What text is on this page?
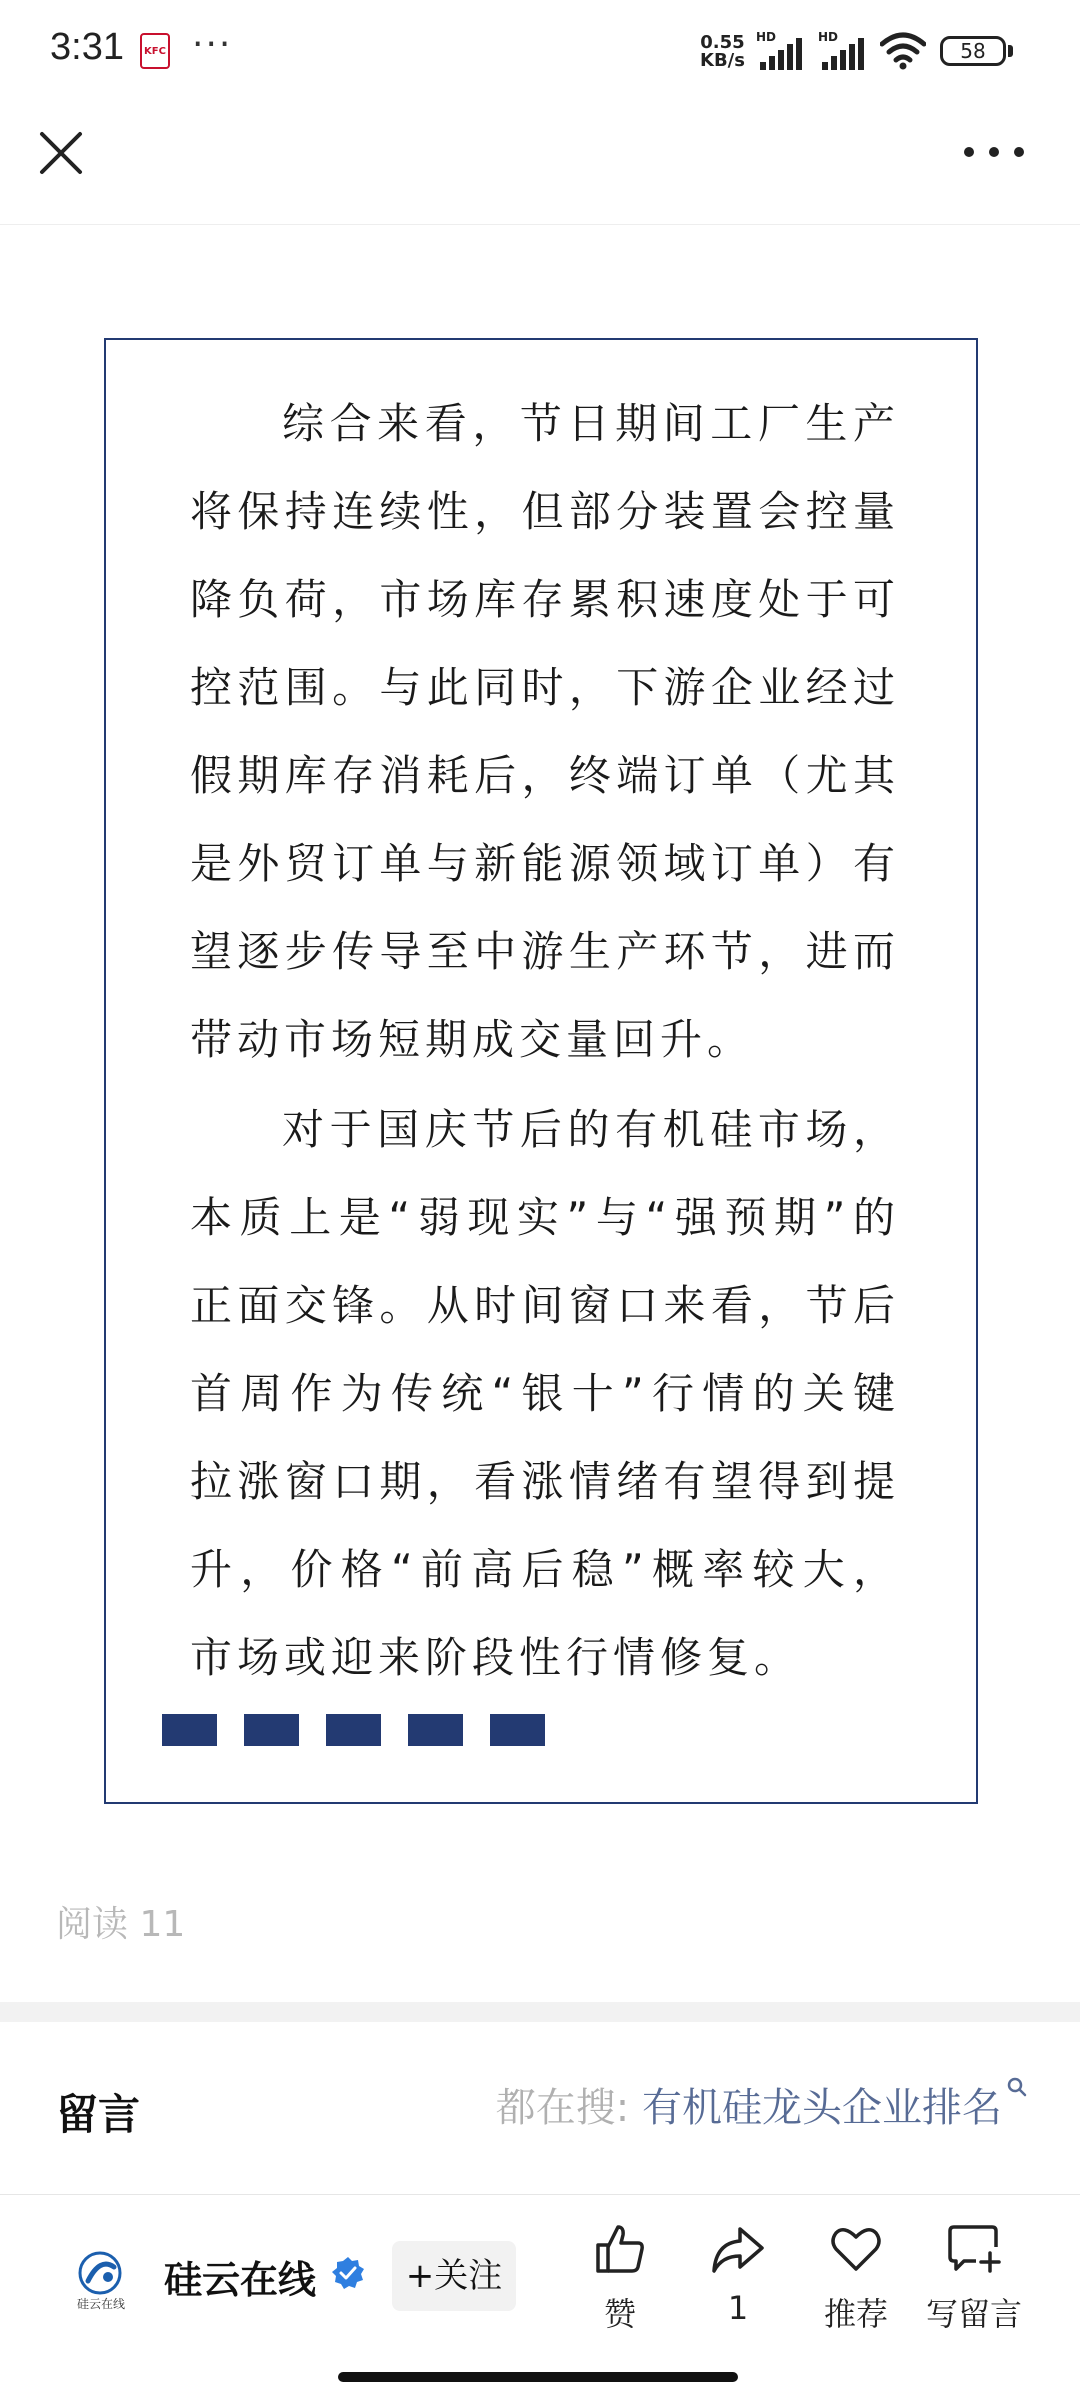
3:31	KFC ···	0.55
KB/s
HD	HD
58

综合来看，节日期间工厂生产将保持连续性，但部分装置会控量降负荷，市场库存累积速度处于可控范围。与此同时，下游企业经过假期库存消耗后，终端订单（尤其是外贸订单与新能源领域订单）有望逐步传导至中游生产环节，进而带动市场短期成交量回升。

对于国庆节后的有机硅市场，本质上是“弱现实”与“强预期”的正面交锋。从时间窗口来看，节后首周作为传统“银十”行情的关键拉涨窗口期，看涨情绪有望得到提升，价格“前高后稳”概率较大，市场或迎来阶段性行情修复。

阅读 11
留言	都在搜: 有机硅龙头企业排名
硅云在线
硅云在线	+关注
赞	1	推荐	写留言
